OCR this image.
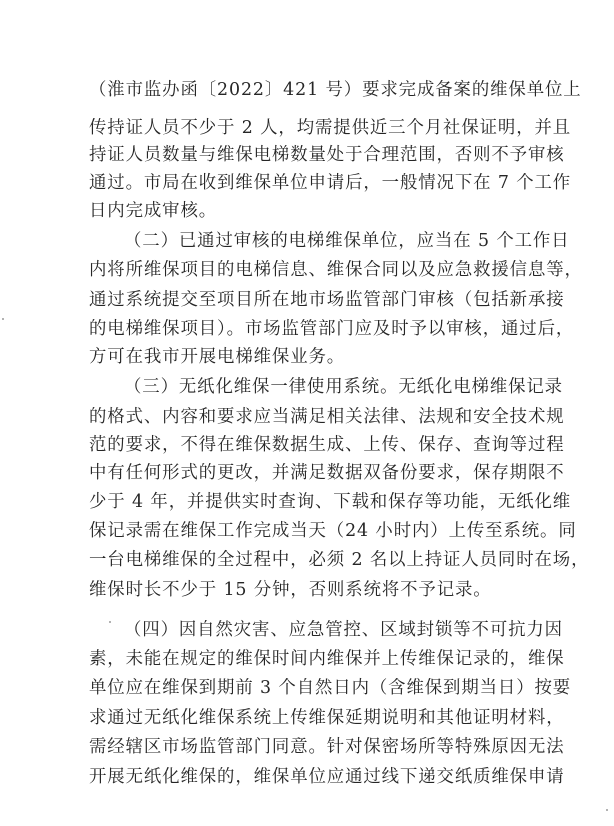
（淮市监办函〔2022〕421 号）要求完成备案的维保单位上
传持证人员不少于 2 人，均需提供近三个月社保证明，并且
持证人员数量与维保电梯数量处于合理范围，否则不予审核
通过。市局在收到维保单位申请后，一般情况下在 7 个工作
日内完成审核。
（二）已通过审核的电梯维保单位，应当在 5 个工作日
内将所维保项目的电梯信息、维保合同以及应急救援信息等，
通过系统提交至项目所在地市场监管部门审核（包括新承接
的电梯维保项目）。市场监管部门应及时予以审核，通过后，
方可在我市开展电梯维保业务。
（三）无纸化维保一律使用系统。无纸化电梯维保记录
的格式、内容和要求应当满足相关法律、法规和安全技术规
范的要求，不得在维保数据生成、上传、保存、查询等过程
中有任何形式的更改，并满足数据双备份要求，保存期限不
少于 4 年，并提供实时查询、下载和保存等功能，无纸化维
保记录需在维保工作完成当天（24 小时内）上传至系统。同
一台电梯维保的全过程中，必须 2 名以上持证人员同时在场，
维保时长不少于 15 分钟，否则系统将不予记录。
（四）因自然灾害、应急管控、区域封锁等不可抗力因
素，未能在规定的维保时间内维保并上传维保记录的，维保
单位应在维保到期前 3 个自然日内（含维保到期当日）按要
求通过无纸化维保系统上传维保延期说明和其他证明材料，
需经辖区市场监管部门同意。针对保密场所等特殊原因无法
开展无纸化维保的，维保单位应通过线下递交纸质维保申请
